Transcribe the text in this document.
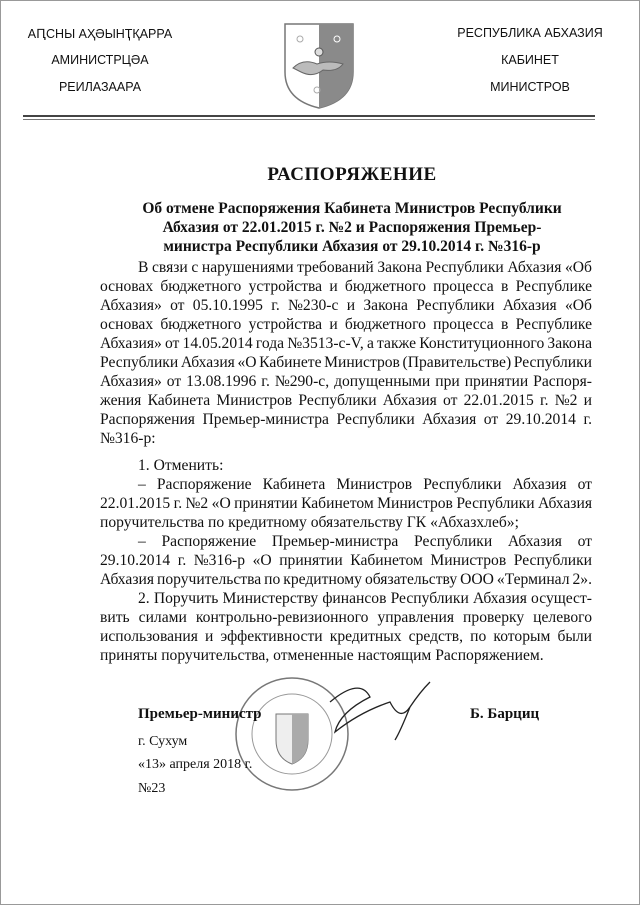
АԤСНЫ АҲӘЫНҬҚАРРА
АМИНИСТРЦӘА
РЕИЛАЗААРА
РЕСПУБЛИКА АБХАЗИЯ
КАБИНЕТ
МИНИСТРОВ
РАСПОРЯЖЕНИЕ
Об отмене Распоряжения Кабинета Министров Республики
Абхазия от 22.01.2015 г. №2 и Распоряжения Премьер-
министра Республики Абхазия от 29.10.2014 г. №316-р
В связи с нарушениями требований Закона Республики Абхазия «Об
основах бюджетного устройства и бюджетного процесса в Республике
Абхазия» от 05.10.1995 г. №230-с и Закона Республики Абхазия «Об
основах бюджетного устройства и бюджетного процесса в Республике
Абхазия» от 14.05.2014 года №3513-с-V, а также Конституционного Закона
Республики Абхазия «О Кабинете Министров (Правительстве) Республики
Абхазия» от 13.08.1996 г. №290-с, допущенными при принятии Распоря-
жения Кабинета Министров Республики Абхазия от 22.01.2015 г. №2 и
Распоряжения Премьер-министра Республики Абхазия от 29.10.2014 г.
№316-р:
1. Отменить:
– Распоряжение Кабинета Министров Республики Абхазия от
22.01.2015 г. №2 «О принятии Кабинетом Министров Республики Абхазия
поручительства по кредитному обязательству ГК «Абхазхлеб»;
– Распоряжение Премьер-министра Республики Абхазия от
29.10.2014 г. №316-р «О принятии Кабинетом Министров Республики
Абхазия поручительства по кредитному обязательству ООО «Терминал 2».
2. Поручить Министерству финансов Республики Абхазия осущест-
вить силами контрольно-ревизионного управления проверку целевого
использования и эффективности кредитных средств, по которым были
приняты поручительства, отмененные настоящим Распоряжением.
Премьер-министр	Б. Барциц
г. Сухум
«13» апреля 2018 г.
№23
